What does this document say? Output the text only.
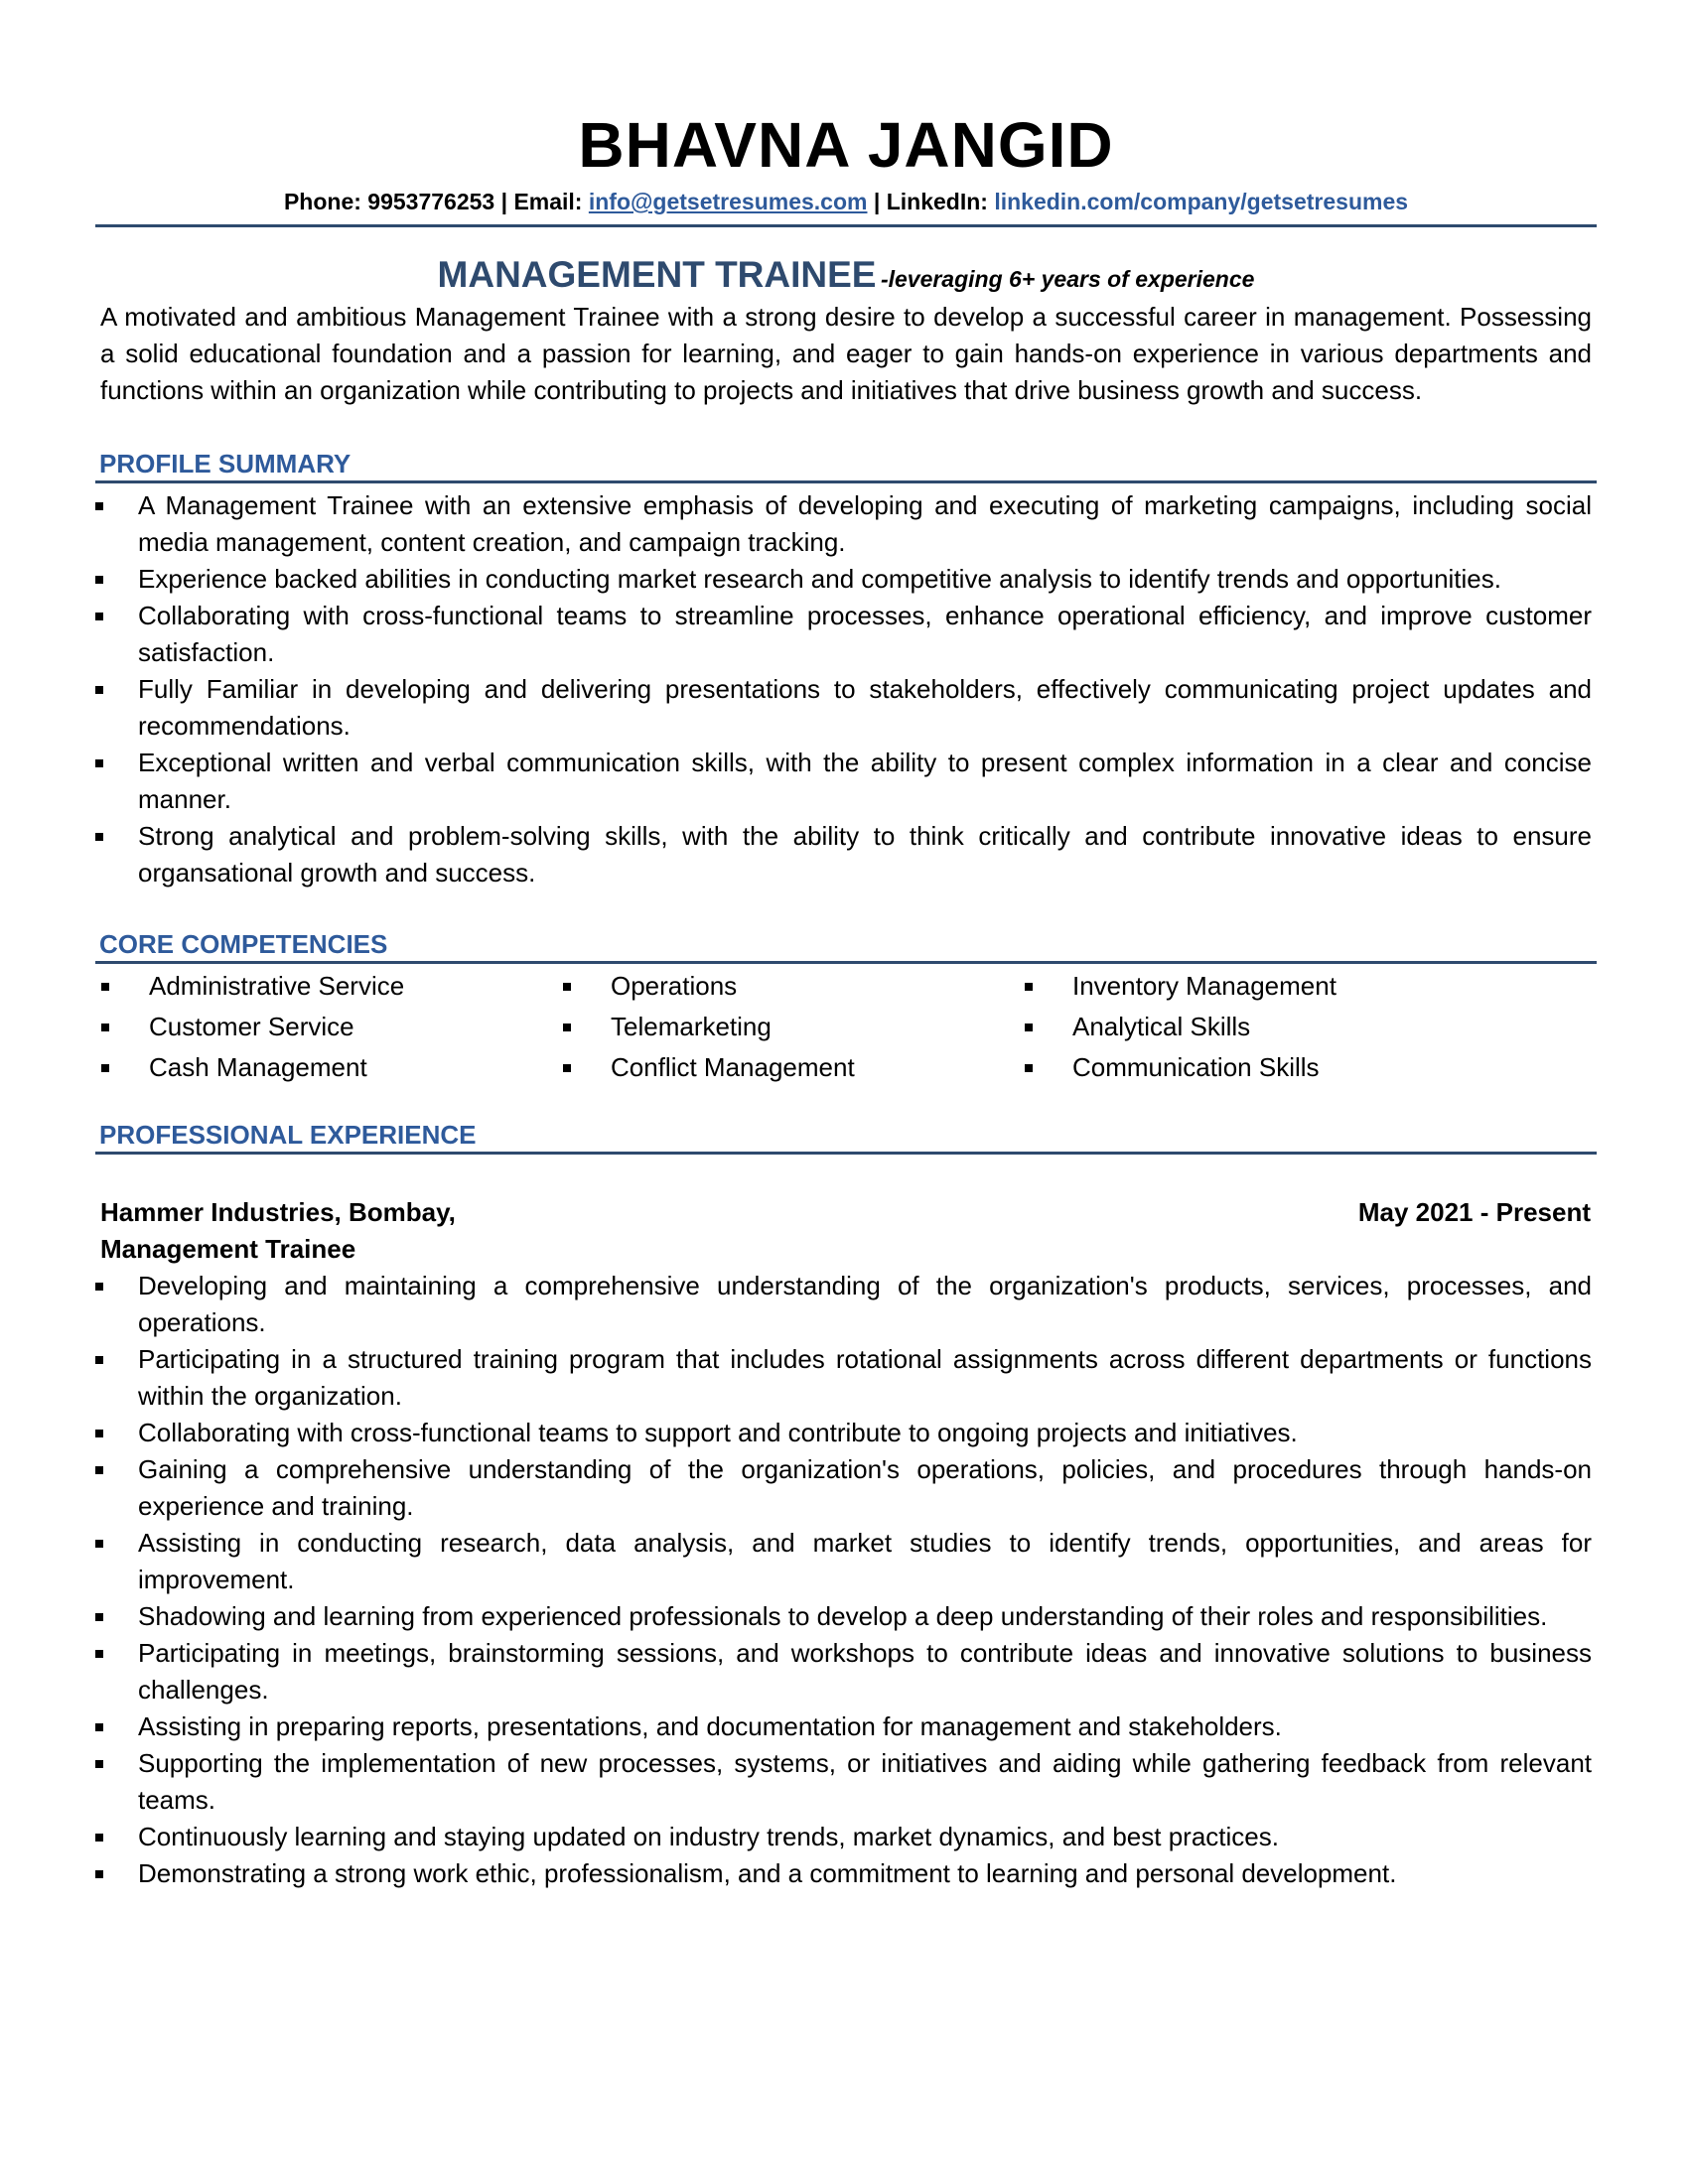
BHAVNA JANGID
Phone: 9953776253 | Email: info@getsetresumes.com | LinkedIn: linkedin.com/company/getsetresumes
MANAGEMENT TRAINEE -leveraging 6+ years of experience
A motivated and ambitious Management Trainee with a strong desire to develop a successful career in management. Possessing a solid educational foundation and a passion for learning, and eager to gain hands-on experience in various departments and functions within an organization while contributing to projects and initiatives that drive business growth and success.
PROFILE SUMMARY
A Management Trainee with an extensive emphasis of developing and executing of marketing campaigns, including social media management, content creation, and campaign tracking.
Experience backed abilities in conducting market research and competitive analysis to identify trends and opportunities.
Collaborating with cross-functional teams to streamline processes, enhance operational efficiency, and improve customer satisfaction.
Fully Familiar in developing and delivering presentations to stakeholders, effectively communicating project updates and recommendations.
Exceptional written and verbal communication skills, with the ability to present complex information in a clear and concise manner.
Strong analytical and problem-solving skills, with the ability to think critically and contribute innovative ideas to ensure organsational growth and success.
CORE COMPETENCIES
Administrative Service
Customer Service
Cash Management
Operations
Telemarketing
Conflict Management
Inventory Management
Analytical Skills
Communication Skills
PROFESSIONAL EXPERIENCE
Hammer Industries, Bombay,	May 2021 - Present
Management Trainee
Developing and maintaining a comprehensive understanding of the organization's products, services, processes, and operations.
Participating in a structured training program that includes rotational assignments across different departments or functions within the organization.
Collaborating with cross-functional teams to support and contribute to ongoing projects and initiatives.
Gaining a comprehensive understanding of the organization's operations, policies, and procedures through hands-on experience and training.
Assisting in conducting research, data analysis, and market studies to identify trends, opportunities, and areas for improvement.
Shadowing and learning from experienced professionals to develop a deep understanding of their roles and responsibilities.
Participating in meetings, brainstorming sessions, and workshops to contribute ideas and innovative solutions to business challenges.
Assisting in preparing reports, presentations, and documentation for management and stakeholders.
Supporting the implementation of new processes, systems, or initiatives and aiding while gathering feedback from relevant teams.
Continuously learning and staying updated on industry trends, market dynamics, and best practices.
Demonstrating a strong work ethic, professionalism, and a commitment to learning and personal development.
